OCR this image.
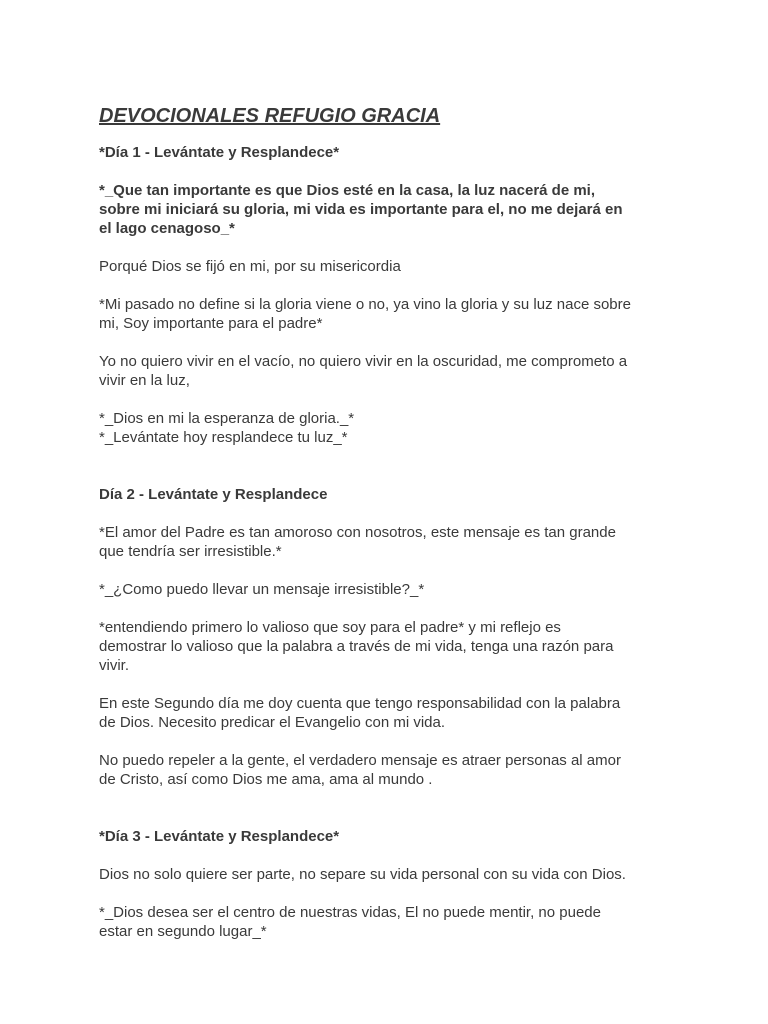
DEVOCIONALES REFUGIO GRACIA

*Día 1 - Levántate y Resplandece*

*_Que tan importante es que Dios esté en la casa, la luz nacerá de mi,
sobre mi iniciará su gloria, mi vida es importante para el, no me dejará en
el lago cenagoso_*

Porqué Dios se fijó en mi, por su misericordia

*Mi pasado no define si la gloria viene o no, ya vino la gloria y su luz nace sobre
mi, Soy importante para el padre*

Yo no quiero vivir en el vacío, no quiero vivir en la oscuridad, me comprometo a
vivir en la luz,

*_Dios en mi la esperanza de gloria._*

*_Levántate hoy resplandece tu luz_*

Día 2 - Levántate y Resplandece

*El amor del Padre es tan amoroso con nosotros, este mensaje es tan grande
que tendría ser irresistible.*

*_¿Como puedo llevar un mensaje irresistible?_*

*entendiendo primero lo valioso que soy para el padre* y mi reflejo es
demostrar lo valioso que la palabra a través de mi vida, tenga una razón para
vivir.

En este Segundo día me doy cuenta que tengo responsabilidad con la palabra
de Dios. Necesito predicar el Evangelio con mi vida.

No puedo repeler a la gente, el verdadero mensaje es atraer personas al amor
de Cristo, así como Dios me ama, ama al mundo .

*Día 3 - Levántate y Resplandece*

Dios no solo quiere ser parte, no separe su vida personal con su vida con Dios.

*_Dios desea ser el centro de nuestras vidas, El no puede mentir, no puede
estar en segundo lugar_*
